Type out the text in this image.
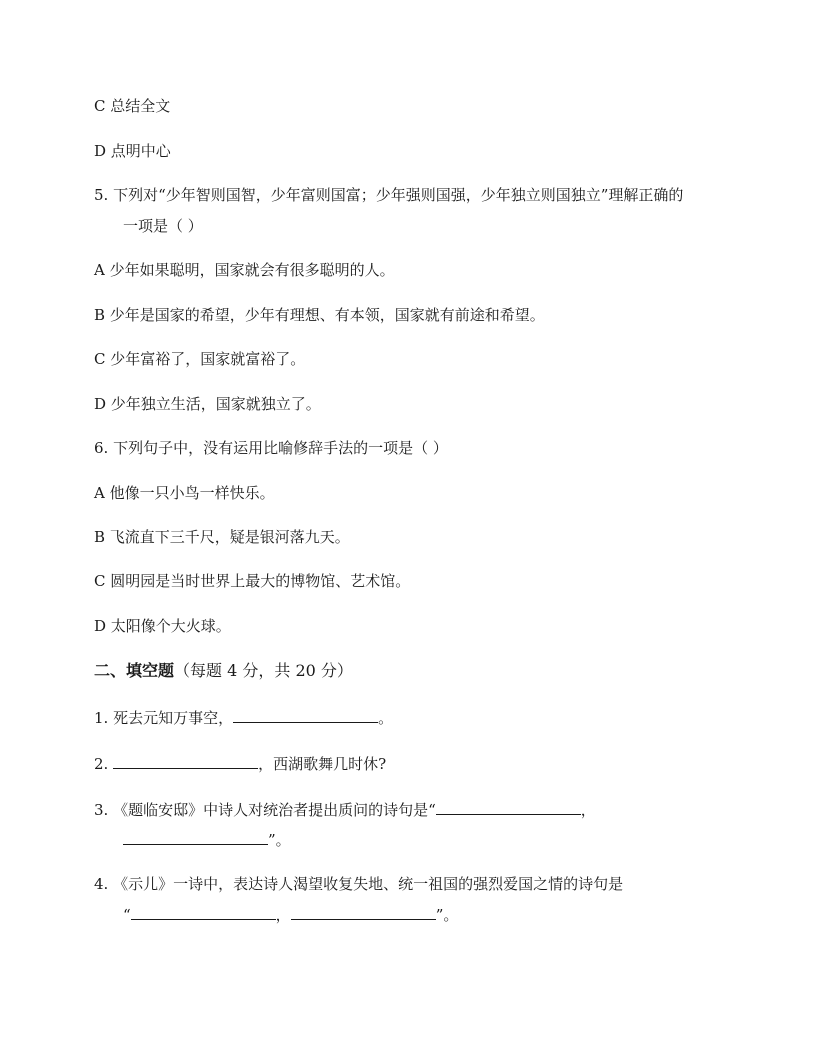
C 总结全文
D 点明中心
5. 下列对“少年智则国智，少年富则国富；少年强则国强，少年独立则国独立”理解正确的
一项是（ ）
A 少年如果聪明，国家就会有很多聪明的人。
B 少年是国家的希望，少年有理想、有本领，国家就有前途和希望。
C 少年富裕了，国家就富裕了。
D 少年独立生活，国家就独立了。
6. 下列句子中，没有运用比喻修辞手法的一项是（ ）
A 他像一只小鸟一样快乐。
B 飞流直下三千尺，疑是银河落九天。
C 圆明园是当时世界上最大的博物馆、艺术馆。
D 太阳像个大火球。
二、填空题（每题 4 分，共 20 分）
1. 死去元知万事空，	。
2.	，西湖歌舞几时休?
3. 《题临安邸》中诗人对统治者提出质问的诗句是“	，
”。
4. 《示儿》一诗中，表达诗人渴望收复失地、统一祖国的强烈爱国之情的诗句是
“	，	”。
